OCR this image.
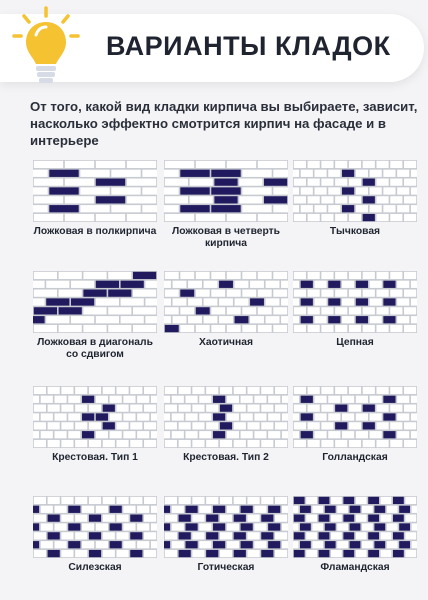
ВАРИАНТЫ КЛАДОК
От того, какой вид кладки кирпича вы выбираете, зависит, насколько эффектно смотрится кирпич на фасаде и в интерьере
Ложковая в полкирпича	Ложковая в четверть кирпича
Тычковая
Ложковая в диагональ со сдвигом
Хаотичная	Цепная
Крестовая. Тип 1	Крестовая. Тип 2	Голландская
Силезская	Готическая	Фламандская
